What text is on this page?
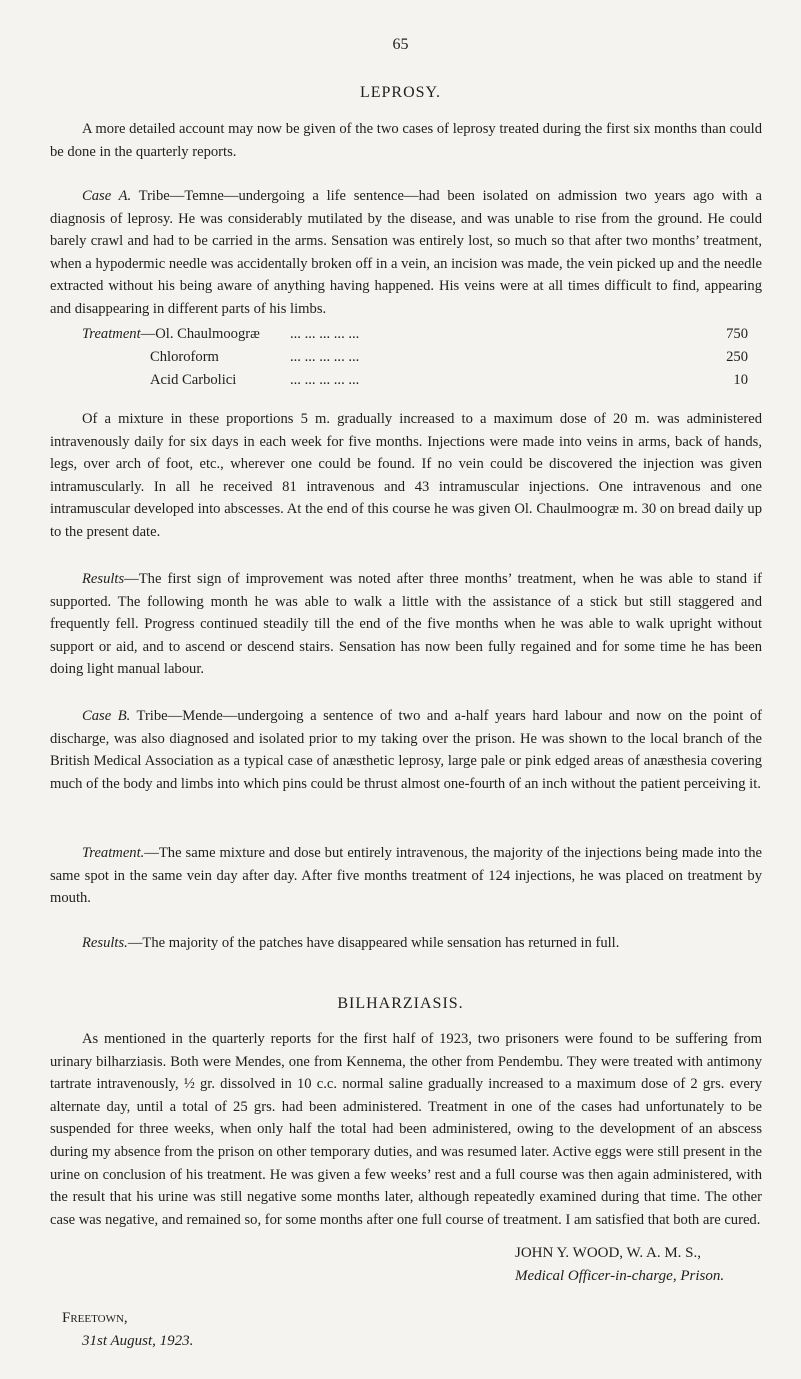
65
LEPROSY.

A more detailed account may now be given of the two cases of leprosy treated during the first six months than could be done in the quarterly reports.

Case A. Tribe—Temne—undergoing a life sentence—had been isolated on admission two years ago with a diagnosis of leprosy. He was considerably mutilated by the disease, and was unable to rise from the ground. He could barely crawl and had to be carried in the arms. Sensation was entirely lost, so much so that after two months’ treatment, when a hypodermic needle was accidentally broken off in a vein, an incision was made, the vein picked up and the needle extracted without his being aware of anything having happened. His veins were at all times difficult to find, appearing and disappearing in different parts of his limbs.

Treatment—Ol. Chaulmoogræ ... ... ... ... ...	750
Chloroform	... ... ... ... ...	250
Acid Carbolici	... ... ... ... ...	10

Of a mixture in these proportions 5 m. gradually increased to a maximum dose of 20 m. was administered intravenously daily for six days in each week for five months. Injections were made into veins in arms, back of hands, legs, over arch of foot, etc., wherever one could be found. If no vein could be discovered the injection was given intramuscularly. In all he received 81 intravenous and 43 intramuscular injections. One intravenous and one intramuscular developed into abscesses. At the end of this course he was given Ol. Chaulmoogræ m. 30 on bread daily up to the present date.

Results—The first sign of improvement was noted after three months’ treatment, when he was able to stand if supported. The following month he was able to walk a little with the assistance of a stick but still staggered and frequently fell. Progress continued steadily till the end of the five months when he was able to walk upright without support or aid, and to ascend or descend stairs. Sensation has now been fully regained and for some time he has been doing light manual labour.

Case B. Tribe—Mende—undergoing a sentence of two and a-half years hard labour and now on the point of discharge, was also diagnosed and isolated prior to my taking over the prison. He was shown to the local branch of the British Medical Association as a typical case of anæsthetic leprosy, large pale or pink edged areas of anæsthesia covering much of the body and limbs into which pins could be thrust almost one-fourth of an inch without the patient perceiving it.

Treatment.—The same mixture and dose but entirely intravenous, the majority of the injections being made into the same spot in the same vein day after day. After five months treatment of 124 injections, he was placed on treatment by mouth.

Results.—The majority of the patches have disappeared while sensation has returned in full.

BILHARZIASIS.

As mentioned in the quarterly reports for the first half of 1923, two prisoners were found to be suffering from urinary bilharziasis. Both were Mendes, one from Kennema, the other from Pendembu. They were treated with antimony tartrate intravenously, ½ gr. dissolved in 10 c.c. normal saline gradually increased to a maximum dose of 2 grs. every alternate day, until a total of 25 grs. had been administered. Treatment in one of the cases had unfortunately to be suspended for three weeks, when only half the total had been administered, owing to the development of an abscess during my absence from the prison on other temporary duties, and was resumed later. Active eggs were still present in the urine on conclusion of his treatment. He was given a few weeks’ rest and a full course was then again administered, with the result that his urine was still negative some months later, although repeatedly examined during that time. The other case was negative, and remained so, for some months after one full course of treatment. I am satisfied that both are cured.

JOHN Y. WOOD, W. A. M. S.,
Medical Officer-in-charge, Prison.
Freetown,
31st August, 1923.
